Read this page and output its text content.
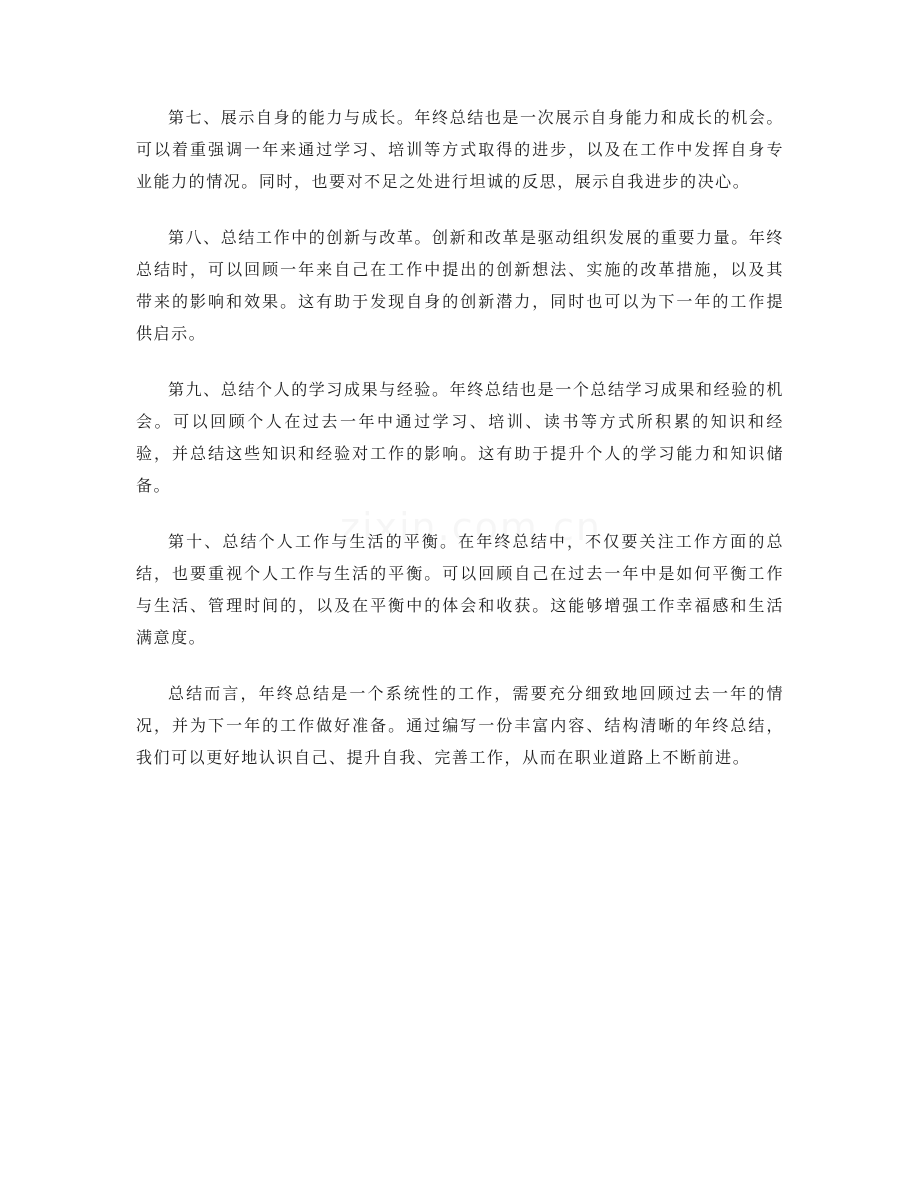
第七、展示自身的能力与成长。年终总结也是一次展示自身能力和成长的机会。可以着重强调一年来通过学习、培训等方式取得的进步，以及在工作中发挥自身专业能力的情况。同时，也要对不足之处进行坦诚的反思，展示自我进步的决心。

第八、总结工作中的创新与改革。创新和改革是驱动组织发展的重要力量。年终总结时，可以回顾一年来自己在工作中提出的创新想法、实施的改革措施，以及其带来的影响和效果。这有助于发现自身的创新潜力，同时也可以为下一年的工作提供启示。

第九、总结个人的学习成果与经验。年终总结也是一个总结学习成果和经验的机会。可以回顾个人在过去一年中通过学习、培训、读书等方式所积累的知识和经验，并总结这些知识和经验对工作的影响。这有助于提升个人的学习能力和知识储备。

第十、总结个人工作与生活的平衡。在年终总结中，不仅要关注工作方面的总结，也要重视个人工作与生活的平衡。可以回顾自己在过去一年中是如何平衡工作与生活、管理时间的，以及在平衡中的体会和收获。这能够增强工作幸福感和生活满意度。

总结而言，年终总结是一个系统性的工作，需要充分细致地回顾过去一年的情况，并为下一年的工作做好准备。通过编写一份丰富内容、结构清晰的年终总结，我们可以更好地认识自己、提升自我、完善工作，从而在职业道路上不断前进。
